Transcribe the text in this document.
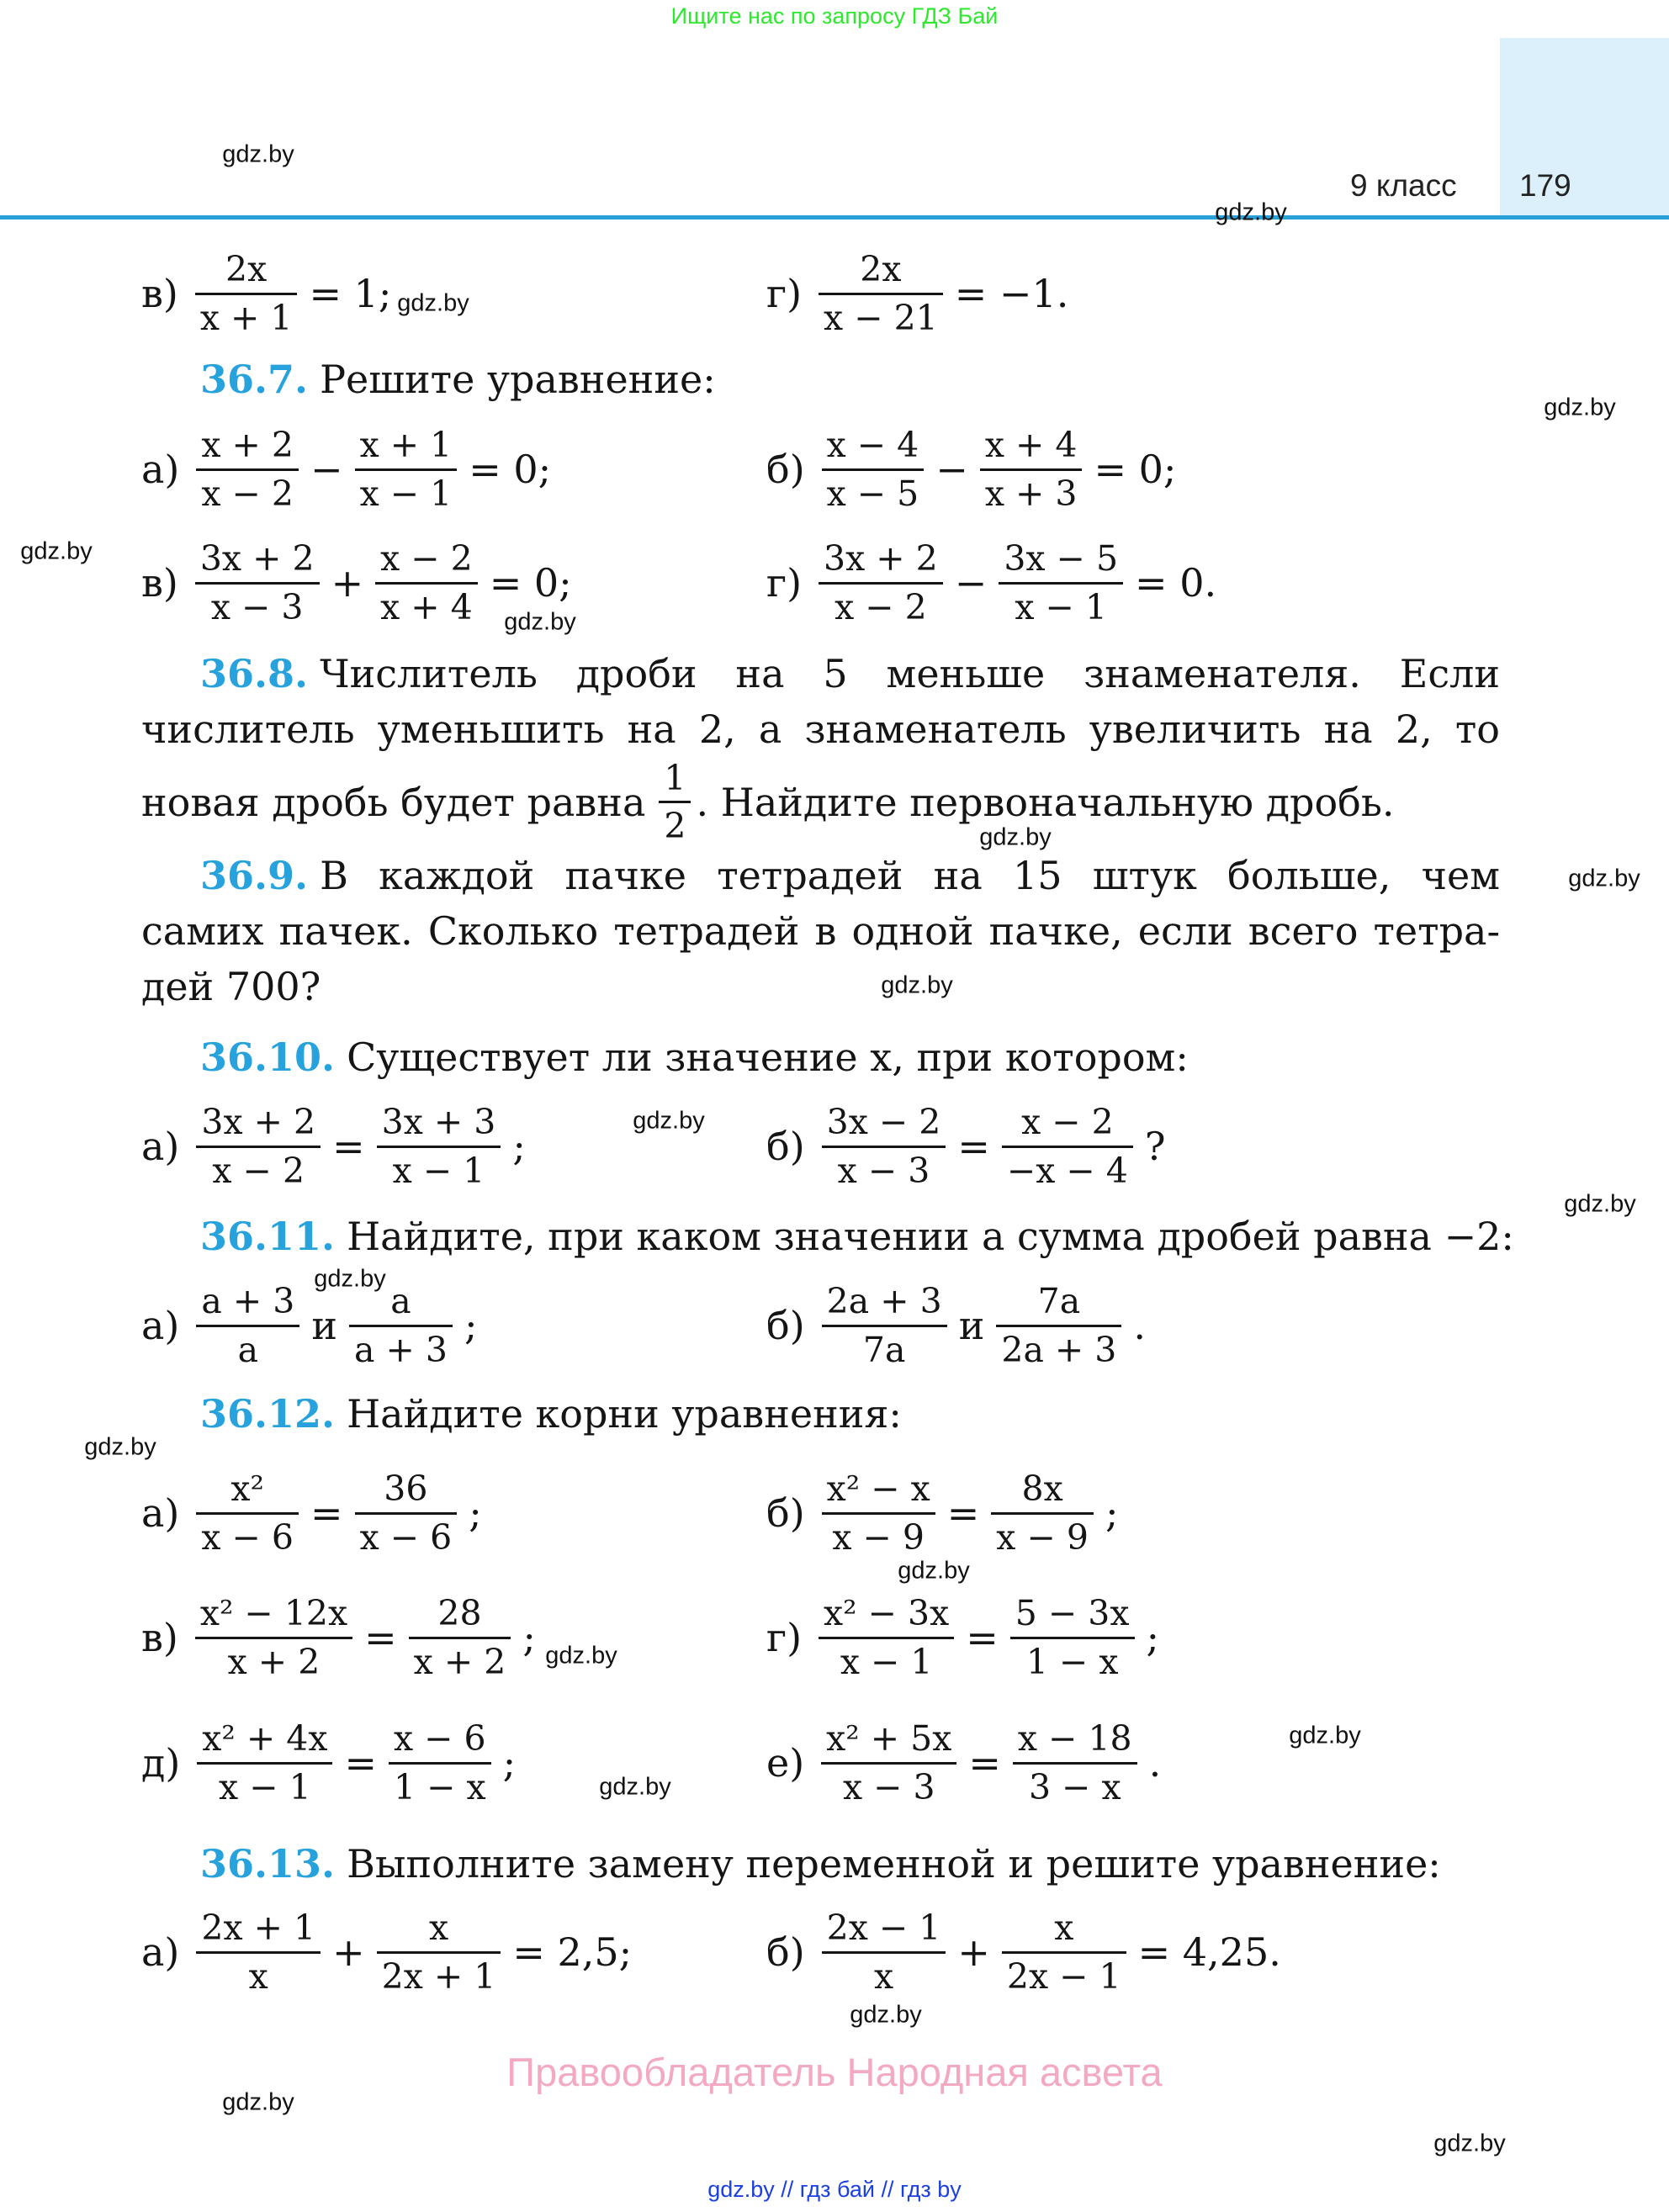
Ищите нас по запросу ГДЗ Бай
9 класс 179
$в) \frac{2x}{x + 1} = 1$;	$г) \frac{2x}{x - 21} = -1$.
36.7. Решите уравнение:
$а) \frac{x + 2}{x - 2} - \frac{x + 1}{x - 1} = 0$;	$б) \frac{x - 4}{x - 5} - \frac{x + 4}{x + 3} = 0$;
$в) \frac{3x + 2}{x - 3} + \frac{x - 2}{x + 4} = 0$;	$г) \frac{3x + 2}{x - 2} - \frac{3x - 5}{x - 1} = 0$.
36.8. Числитель дроби на 5 меньше знаменателя. Если
числитель уменьшить на 2, а знаменатель увеличить на 2, то
новая дробь будет равна $\frac{1}{2}$ . Найдите первоначальную дробь.
36.9. В каждой пачке тетрадей на 15 штук больше, чем
самих пачек. Сколько тетрадей в одной пачке, если всего тетра-
дей 700?
36.10. Существует ли значение x, при котором:
$а) \frac{3x + 2}{x - 2} = \frac{3x + 3}{x - 1}$ ;	$б) \frac{3x - 2}{x - 3} = \frac{x - 2}{-x - 4}$ ?
36.11. Найдите, при каком значении a сумма дробей равна −2:
$а) \frac{a + 3}{a}$ и $\frac{a}{a + 3}$ ;	$б) \frac{2a + 3}{7a}$ и $\frac{7a}{2a + 3}$ .
36.12. Найдите корни уравнения:
$а) \frac{\text{x²}}{x - 6} = \frac{36}{x - 6}$ ;	$б) \frac{\text{x² − x}}{x - 9} = \frac{8x}{x - 9}$ ;
$в) \frac{\text{x² − 12x}}{x + 2} = \frac{28}{x + 2}$ ;	$г) \frac{\text{x² − 3x}}{x - 1} = \frac{5 - 3x}{1 - x}$ ;
$д) \frac{\text{x² + 4x}}{x - 1} = \frac{x - 6}{1 - x}$ ;	$е) \frac{\text{x² + 5x}}{x - 3} = \frac{x - 18}{3 - x}$ .
36.13. Выполните замену переменной и решите уравнение:
$а) \frac{2x + 1}{x} + \frac{x}{2x + 1} = 2,5$;	$б) \frac{2x - 1}{x} + \frac{x}{2x - 1} = 4,25$.
gdz.by
gdz.by
gdz.by
gdz.by
gdz.by
gdz.by
gdz.by
gdz.by
gdz.by
gdz.by
gdz.by
gdz.by
gdz.by
gdz.by
gdz.by
gdz.by
gdz.by
gdz.by
gdz.by
gdz.by
Правообладатель Народная асвета
gdz.by // гдз бай // гдз by
